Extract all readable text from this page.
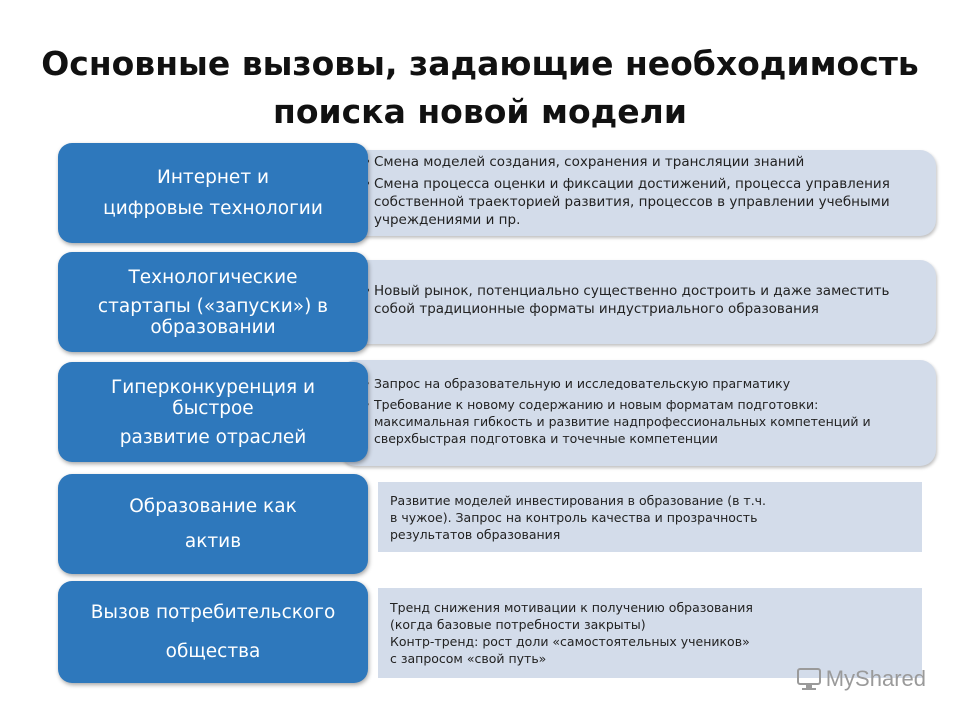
Основные вызовы, задающие необходимость
поиска новой модели
• Смена моделей создания, сохранения и трансляции знаний
• Смена процесса оценки и фиксации достижений, процесса управления собственной траекторией развития, процессов в управлении учебными учреждениями и пр.
Интернет и
цифровые технологии
• Новый рынок, потенциально существенно достроить и даже заместить собой традиционные форматы индустриального образования
Технологические
стартапы («запуски») в
образовании
• Запрос на образовательную и исследовательскую прагматику
• Требование к новому содержанию и новым форматам подготовки: максимальная гибкость и развитие надпрофессиональных компетенций и сверхбыстрая подготовка и точечные компетенции
Гиперконкуренция и
быстрое
развитие отраслей
Развитие моделей инвестирования в образование (в т.ч.
в чужое). Запрос на контроль качества и прозрачность
результатов образования
Образование как
актив
Тренд снижения мотивации к получению образования
(когда базовые потребности закрыты)
Контр-тренд: рост доли «самостоятельных учеников»
с запросом «свой путь»
Вызов потребительского
общества
MyShared
